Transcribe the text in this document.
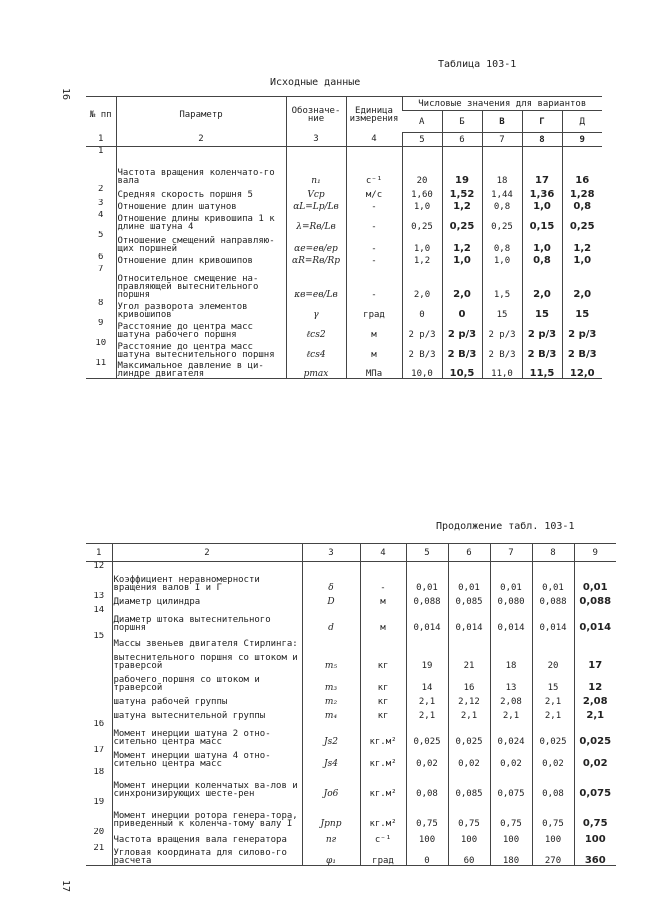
16
17
Таблица 103-1
Исходные данные
№ пп	Параметр	Обозначе-ние	Единица измерения	Числовые значения для вариантов				
				А	Б	В	Г	Д
1	2	3	4	5	6	7	8	9
1	Частота вращения коленчато-го вала	n₁	с⁻¹	20	19	18	17	16
2	Средняя скорость поршня 5	Vср	м/с	1,60	1,52	1,44	1,36	1,28
3	Отношение длин шатунов	αL=Lр/Lв	-	1,0	1,2	0,8	1,0	0,8
4	Отношение длины кривошипа 1 к длине шатуна 4	λ=Rв/Lв	-	0,25	0,25	0,25	0,15	0,25
5	Отношение смещений направляю-щих поршней	αe=eв/eр	-	1,0	1,2	0,8	1,0	1,2
6	Отношение длин кривошипов	αR=Rв/Rр	-	1,2	1,0	1,0	0,8	1,0
7	Относительное смещение на-правляющей вытеснительного поршня	κв=eв/Lв	-	2,0	2,0	1,5	2,0	2,0
8	Угол разворота элементов кривошипов	γ	град	0	0	15	15	15
9	Расстояние до центра масс шатуна рабочего поршня	ℓcs2	м	2 р/3	2 р/3	2 р/3	2 р/3	2 р/3
10	Расстояние до центра масс шатуна вытеснительного поршня	ℓcs4	м	2 В/3	2 В/3	2 В/3	2 В/3	2 В/3
11	Максимальное давление в ци-линдре двигателя	pmax	МПа	10,0	10,5	11,0	11,5	12,0
Продолжение табл. 103-1
1	2	3	4	5	6	7	8	9
12	Коэффициент неравномерности вращения валов I и Г	δ	-	0,01	0,01	0,01	0,01	0,01
13	Диаметр цилиндра	D	м	0,088	0,085	0,080	0,088	0,088
14	Диаметр штока вытеснительного поршня	d	м	0,014	0,014	0,014	0,014	0,014
15	Массы звеньев двигателя Стирлинга:							
	вытеснительного поршня со штоком и траверсой	m₅	кг	19	21	18	20	17
	рабочего поршня со штоком и траверсой	m₃	кг	14	16	13	15	12
	шатуна рабочей группы	m₂	кг	2,1	2,12	2,08	2,1	2,08
	шатуна вытеснительной группы	m₄	кг	2,1	2,1	2,1	2,1	2,1
16	Момент инерции шатуна 2 отно-сительно центра масс	Js2	кг.м²	0,025	0,025	0,024	0,025	0,025
17	Момент инерции шатуна 4 отно-сительно центра масс	Js4	кг.м²	0,02	0,02	0,02	0,02	0,02
18	Момент инерции коленчатых ва-лов и синхронизирующих шесте-рен	Jo6	кг.м²	0,08	0,085	0,075	0,08	0,075
19	Момент инерции ротора генера-тора, приведенный к коленча-тому валу I	Jрпр	кг.м²	0,75	0,75	0,75	0,75	0,75
20	Частота вращения вала генератора	nг	с⁻¹	100	100	100	100	100
21	Угловая координата для силово-го расчета	φ₁	град	0	60	180	270	360
